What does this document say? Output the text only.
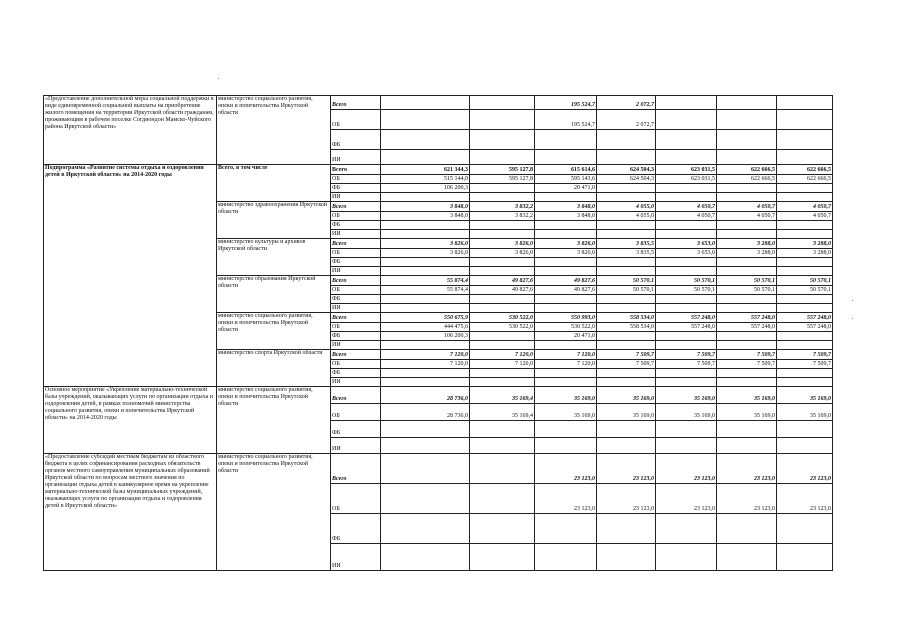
«Предоставление дополнительной меры социальной поддержки в виде единовременной социальной выплаты на приобретение жилого помещения на территории Иркутской области гражданам, проживающим в рабочем поселке Согдиондон Мамско-Чуйского района Иркутской области»	министерство социального развития, опеки и попечительства Иркутской области	Всего			195 524,7	2 072,7			
		ОБ			195 524,7	2 072,7			
		ФБ							
		ИИ							
Подпрограмма «Развитие системы отдыха и оздоровления детей в Иркутской области» на 2014-2020 годы	Всего, в том числе	Всего	621 344,3	595 127,8	615 614,6	624 504,3	623 031,5	622 666,5	622 666,5
		ОБ	515 144,0	595 127,8	595 143,6	624 504,3	623 031,5	622 666,5	622 666,5
		ФБ	106 200,3		20 471,0				
		ИИ							
	министерство здравоохранения Иркутской области	Всего	3 848,0	3 832,2	3 848,0	4 055,0	4 050,7	4 050,7	4 050,7
		ОБ	3 848,0	3 832,2	3 848,0	4 055,0	4 050,7	4 050,7	4 050,7
		ФБ							
		ИИ							
	министерство культуры и архивов Иркутской области	Всего	3 826,0	3 826,0	3 826,0	3 835,5	3 653,0	3 288,0	3 288,0
		ОБ	3 826,0	3 826,0	3 826,0	3 835,5	3 653,0	3 288,0	3 288,0
		ФБ							
		ИИ							
	министерство образования Иркутской области	Всего	55 874,4	49 827,6	49 827,6	50 570,1	50 570,1	50 570,1	50 570,1
		ОБ	55 874,4	49 827,6	49 827,6	50 570,1	50 570,1	50 570,1	50 570,1
		ФБ							
		ИИ							
	министерство социального развития, опеки и попечительства Иркутской области	Всего	550 675,9	530 522,0	550 993,0	558 534,0	557 248,0	557 248,0	557 248,0
		ОБ	444 475,6	530 522,0	530 522,0	558 534,0	557 248,0	557 248,0	557 248,0
		ФБ	106 200,3		20 471,0				
		ИИ							
	министерство спорта Иркутской области	Всего	7 120,0	7 120,0	7 120,0	7 509,7	7 509,7	7 509,7	7 509,7
		ОБ	7 120,0	7 120,0	7 120,0	7 509,7	7 509,7	7 509,7	7 509,7
		ФБ							
		ИИ							
Основное мероприятие «Укрепление материально-технической базы учреждений, оказывающих услуги по организации отдыха и оздоровления детей, в рамках полномочий министерства социального развития, опеки и попечительства Иркутской области» на 2014-2020 годы	министерство социального развития, опеки и попечительства Иркутской области	Всего	28 736,0	35 169,4	35 169,0	35 169,0	35 169,0	35 169,0	35 169,0
		ОБ	28 736,0	35 169,4	35 169,0	35 169,0	35 169,0	35 169,0	35 169,0
		ФБ							
		ИИ							
«Предоставление субсидий местным бюджетам из областного бюджета в целях софинансирования расходных обязательств органов местного самоуправления муниципальных образований Иркутской области по вопросам местного значения по организации отдыха детей в каникулярное время на укрепление материально-технической базы муниципальных учреждений, оказывающих услуги по организации отдыха и оздоровления детей в Иркутской области»	министерство социального развития, опеки и попечительства Иркутской области	Всего			23 123,0	23 123,0	23 123,0	23 123,0	23 123,0
		ОБ			23 123,0	23 123,0	23 123,0	23 123,0	23 123,0
		ФБ							
		ИИ							
